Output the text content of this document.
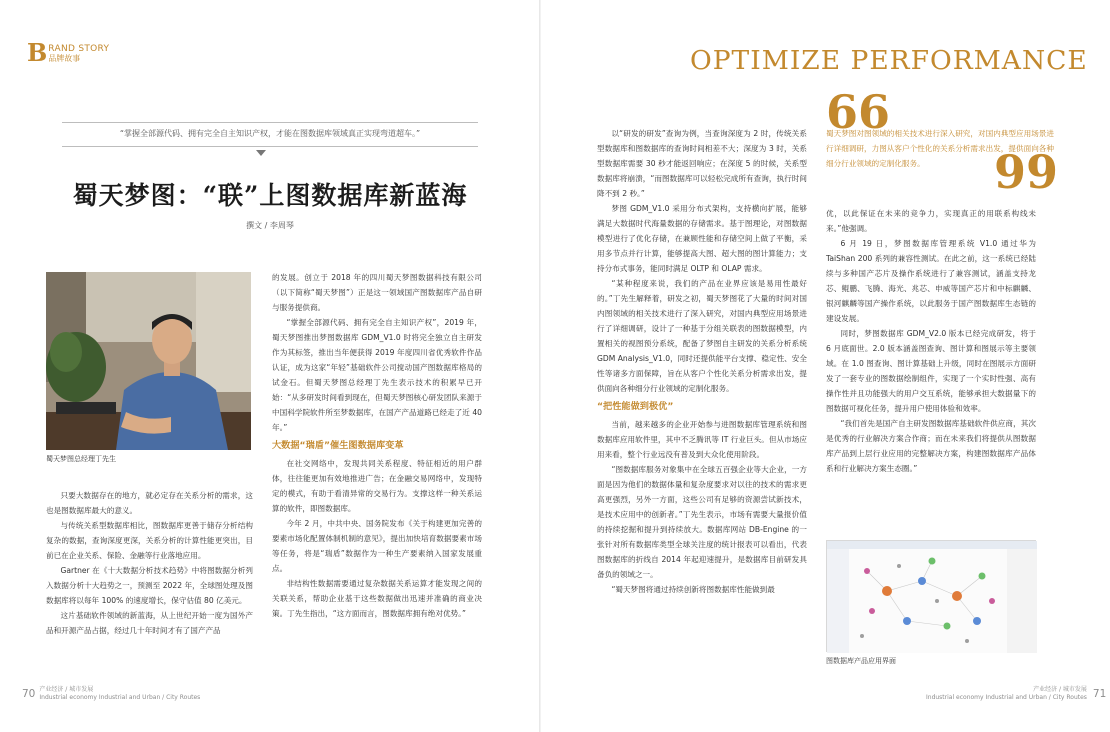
B RAND STORY
品牌故事
“掌握全部源代码、拥有完全自主知识产权，才能在图数据库领域真正实现弯道超车。”
蜀天梦图：“联”上图数据库新蓝海
撰文 / 李周琴
蜀天梦图总经理丁先生

只要大数据存在的地方，就必定存在关系分析的需求，这也是图数据库最大的意义。

与传统关系型数据库相比，图数据库更善于储存分析结构复杂的数据，查询深度更深，关系分析的计算性能更突出，目前已在企业关系、保险、金融等行业落地应用。

Gartner 在《十大数据分析技术趋势》中将图数据分析列入数据分析十大趋势之一，预测至 2022 年，全球图处理及图数据库将以每年 100% 的速度增长，保守估值 80 亿美元。

这片基础软件领域的新蓝海，从上世纪开始一度为国外产品和开源产品占据，经过几十年时间才有了国产产品

的发展。创立于 2018 年的四川蜀天梦图数据科技有限公司（以下简称“蜀天梦图”）正是这一领域国产图数据库产品自研与服务提供商。

“掌握全部源代码、拥有完全自主知识产权”，2019 年，蜀天梦图推出梦图数据库 GDM_V1.0 时将完全独立自主研发作为其标签，推出当年便获得 2019 年度四川省优秀软件作品认证，成为这家“年轻”基础软件公司搅动国产图数据库格局的试金石。但蜀天梦图总经理丁先生表示技术的积累早已开始：“从多研发时间看到现在，但蜀天梦图核心研发团队来源于中国科学院软件所至梦数据库，在国产产品道路已经走了近 40 年。”

大数据“瑞盾”催生图数据库变革

在社交网络中，发现共同关系程度、特征相近的用户群体，往往能更加有效地推进广告；在金融交易网络中，发现特定的模式，有助于看清异常的交易行为。支撑这样一种关系运算的软件，即图数据库。

今年 2 月，中共中央、国务院发布《关于构建更加完善的要素市场化配置体制机制的意见》，提出加快培育数据要素市场等任务，将是“瑞盾”数据作为一种生产要素纳入国家发展重点。

非结构性数据需要通过复杂数据关系运算才能发现之间的关联关系，帮助企业基于这些数据做出迅速并准确的商业决策。丁先生指出，“这方面而言，图数据库拥有绝对优势。”

70 产业经济 / 城市发展
Industrial economy Industrial and Urban / City Routes

以“研发的研发”查询为例，当查询深度为 2 时，传统关系型数据库和图数据库的查询时间相差不大；深度为 3 时，关系型数据库需要 30 秒才能返回响应；在深度 5 的时候，关系型数据库将崩溃，“而图数据库可以轻松完成所有查询，执行时间降不到 2 秒。”

梦图 GDM_V1.0 采用分布式架构，支持横向扩展，能够满足大数据时代海量数据的存储需求。基于图理论，对图数据模型进行了优化存储，在兼顾性能和存储空间上做了平衡，采用多节点并行计算，能够提高大图、超大图的图计算能力；支持分布式事务，能同时满足 OLTP 和 OLAP 需求。

“某种程度来说，我们的产品在业界应该是易用性最好的。”丁先生解释着，研发之初，蜀天梦图花了大量的时间对国内图领域的相关技术进行了深入研究，对国内典型应用场景进行了详细调研，设计了一种基于分组关联表的图数据模型，内置相关的视图预分系统，配备了梦图自主研发的关系分析系统 GDM Analysis_V1.0，同时还提供能平台支撑、稳定性、安全性等诸多方面保障，旨在从客户个性化关系分析需求出发，提供面向各种细分行业领域的定制化服务。

“把性能做到极优”

当前，越来越多的企业开始参与进图数据库管理系统和图数据库应用软件里，其中不乏腾讯等 IT 行业巨头。但从市场应用来看，整个行业远没有普及到大众化使用阶段。

“图数据库服务对象集中在全球五百强企业等大企业，一方面是因为他们的数据体量和复杂度要求对以往的技术的需求更高更强烈，另外一方面，这些公司有足够的资源尝试新技术，是技术应用中的创新者。”丁先生表示，市场有需要大量报价值的持续挖掘和提升到持续放大。数据库网站 DB-Engine 的一张针对所有数据库类型全球关注度的统计报表可以看出，代表图数据库的折线自 2014 年起迎速提升，是数据库目前研发具备负的领域之一。

“蜀天梦图将通过持续创新将图数据库性能做到最

OPTIMIZE PERFORMANCE
66
蜀天梦图对图领域的相关技术进行深入研究，对国内典型应用场景进行详细调研，力图从客户个性化的关系分析需求出发，提供面向各种细分行业领域的定制化服务。	99

优，以此保证在未来的竞争力，实现真正的用联系构线未来。”他强调。

6 月 19 日，梦图数据库管理系统 V1.0 通过华为 TaiShan 200 系列的兼容性测试。在此之前，这一系统已经陆续与多种国产芯片及操作系统进行了兼容测试，涵盖支持龙芯、鲲鹏、飞腾、海光、兆芯、申威等国产芯片和中标麒麟、银河麒麟等国产操作系统，以此服务于国产图数据库生态链的建设发展。

同时，梦图数据库 GDM_V2.0 版本已经完成研发，将于 6 月底面世。2.0 版本涵盖图查询、图计算和图展示等主要领域。在 1.0 图查询、图计算基础上升级，同时在图展示方面研发了一套专业的图数据绘制组件，实现了一个实时性强、高有操作性并且功能强大的用户交互系统，能够承担大数据量下的图数据可视化任务，提升用户使用体验和效率。

“我们首先是国产自主研发图数据库基础软件供应商，其次是优秀的行业解决方案合作商；而在未来我们将提供从图数据库产品到上层行业应用的完整解决方案，构建图数据库产品体系和行业解决方案生态圈。”

图数据库产品应用界面
产业经济 / 城市发展
Industrial economy Industrial and Urban / City Routes 71
